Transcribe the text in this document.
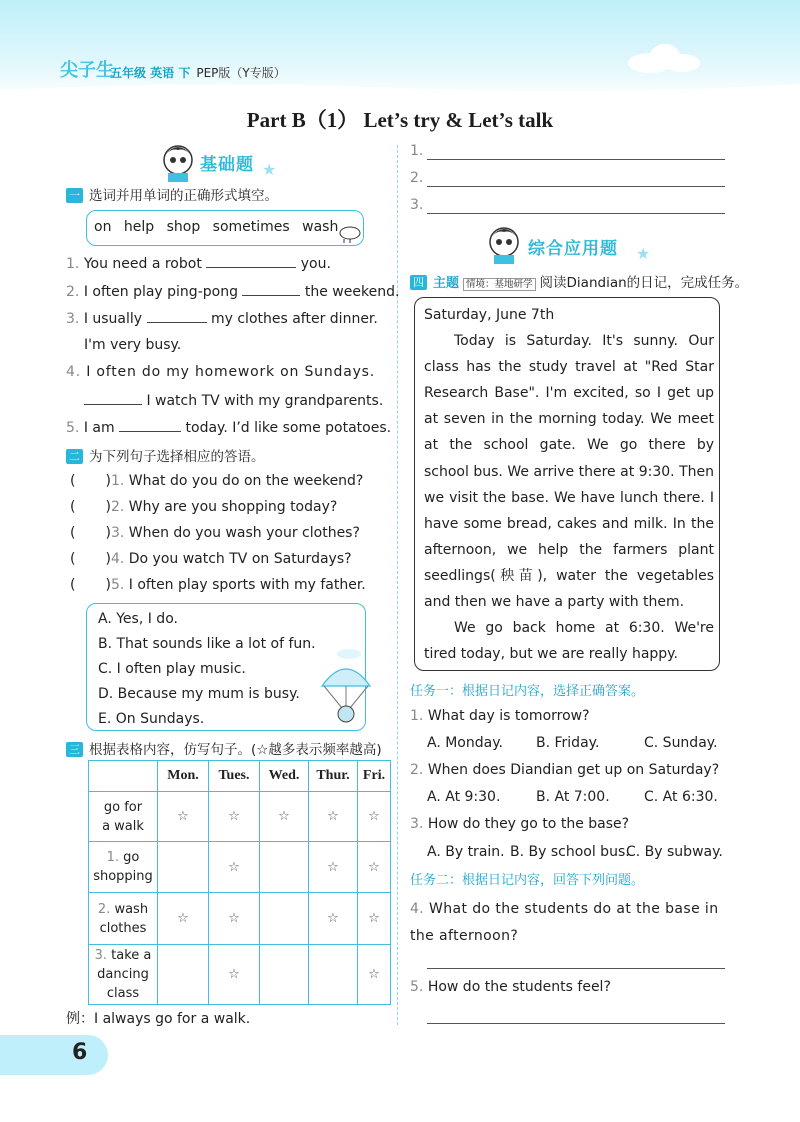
尖子生
五年级 英语 下 PEP版（Y专版）
Part B（1） Let’s try & Let’s talk
基础题 ★
一 选词并用单词的正确形式填空。
on help shop sometimes wash
1. You need a robot	you.
2. I often play ping-pong	the weekend.
3. I usually	my clothes after dinner.
I'm very busy.
4. I often do my homework on Sundays.
I watch TV with my grandparents.
5. I am	today. I’d like some potatoes.
二 为下列句子选择相应的答语。
( )1. What do you do on the weekend?
( )2. Why are you shopping today?
( )3. When do you wash your clothes?
( )4. Do you watch TV on Saturdays?
( )5. I often play sports with my father.
A. Yes, I do.
B. That sounds like a lot of fun.
C. I often play music.
D. Because my mum is busy.
E. On Sundays.
三 根据表格内容，仿写句子。(☆越多表示频率越高)
	Mon.	Tues.	Wed.	Thur.	Fri.
go for a walk	☆	☆	☆	☆	☆
1. go shopping		☆		☆	☆
2. wash clothes	☆	☆		☆	☆
3. take a dancing class		☆			☆
例：I always go for a walk.
1.
2.
3.
综合应用题 ★
四 主题 情境：基地研学 阅读Diandian的日记，完成任务。

Saturday, June 7th

Today is Saturday. It's sunny. Our class has the study travel at "Red Star Research Base". I'm excited, so I get up at seven in the morning today. We meet at the school gate. We go there by school bus. We arrive there at 9:30. Then we visit the base. We have lunch there. I have some bread, cakes and milk. In the afternoon, we help the farmers plant seedlings(秧苗), water the vegetables and then we have a party with them.

We go back home at 6:30. We're tired today, but we are really happy.

任务一：根据日记内容，选择正确答案。
1. What day is tomorrow?
A. Monday. B. Friday.	C. Sunday.
2. When does Diandian get up on Saturday?
A. At 9:30.	B. At 7:00. C. At 6:30.
3. How do they go to the base?
A. By train. B. By school bus.
C. By subway.
任务二：根据日记内容，回答下列问题。
4. What do the students do at the base in the afternoon?
5. How do the students feel?
6
